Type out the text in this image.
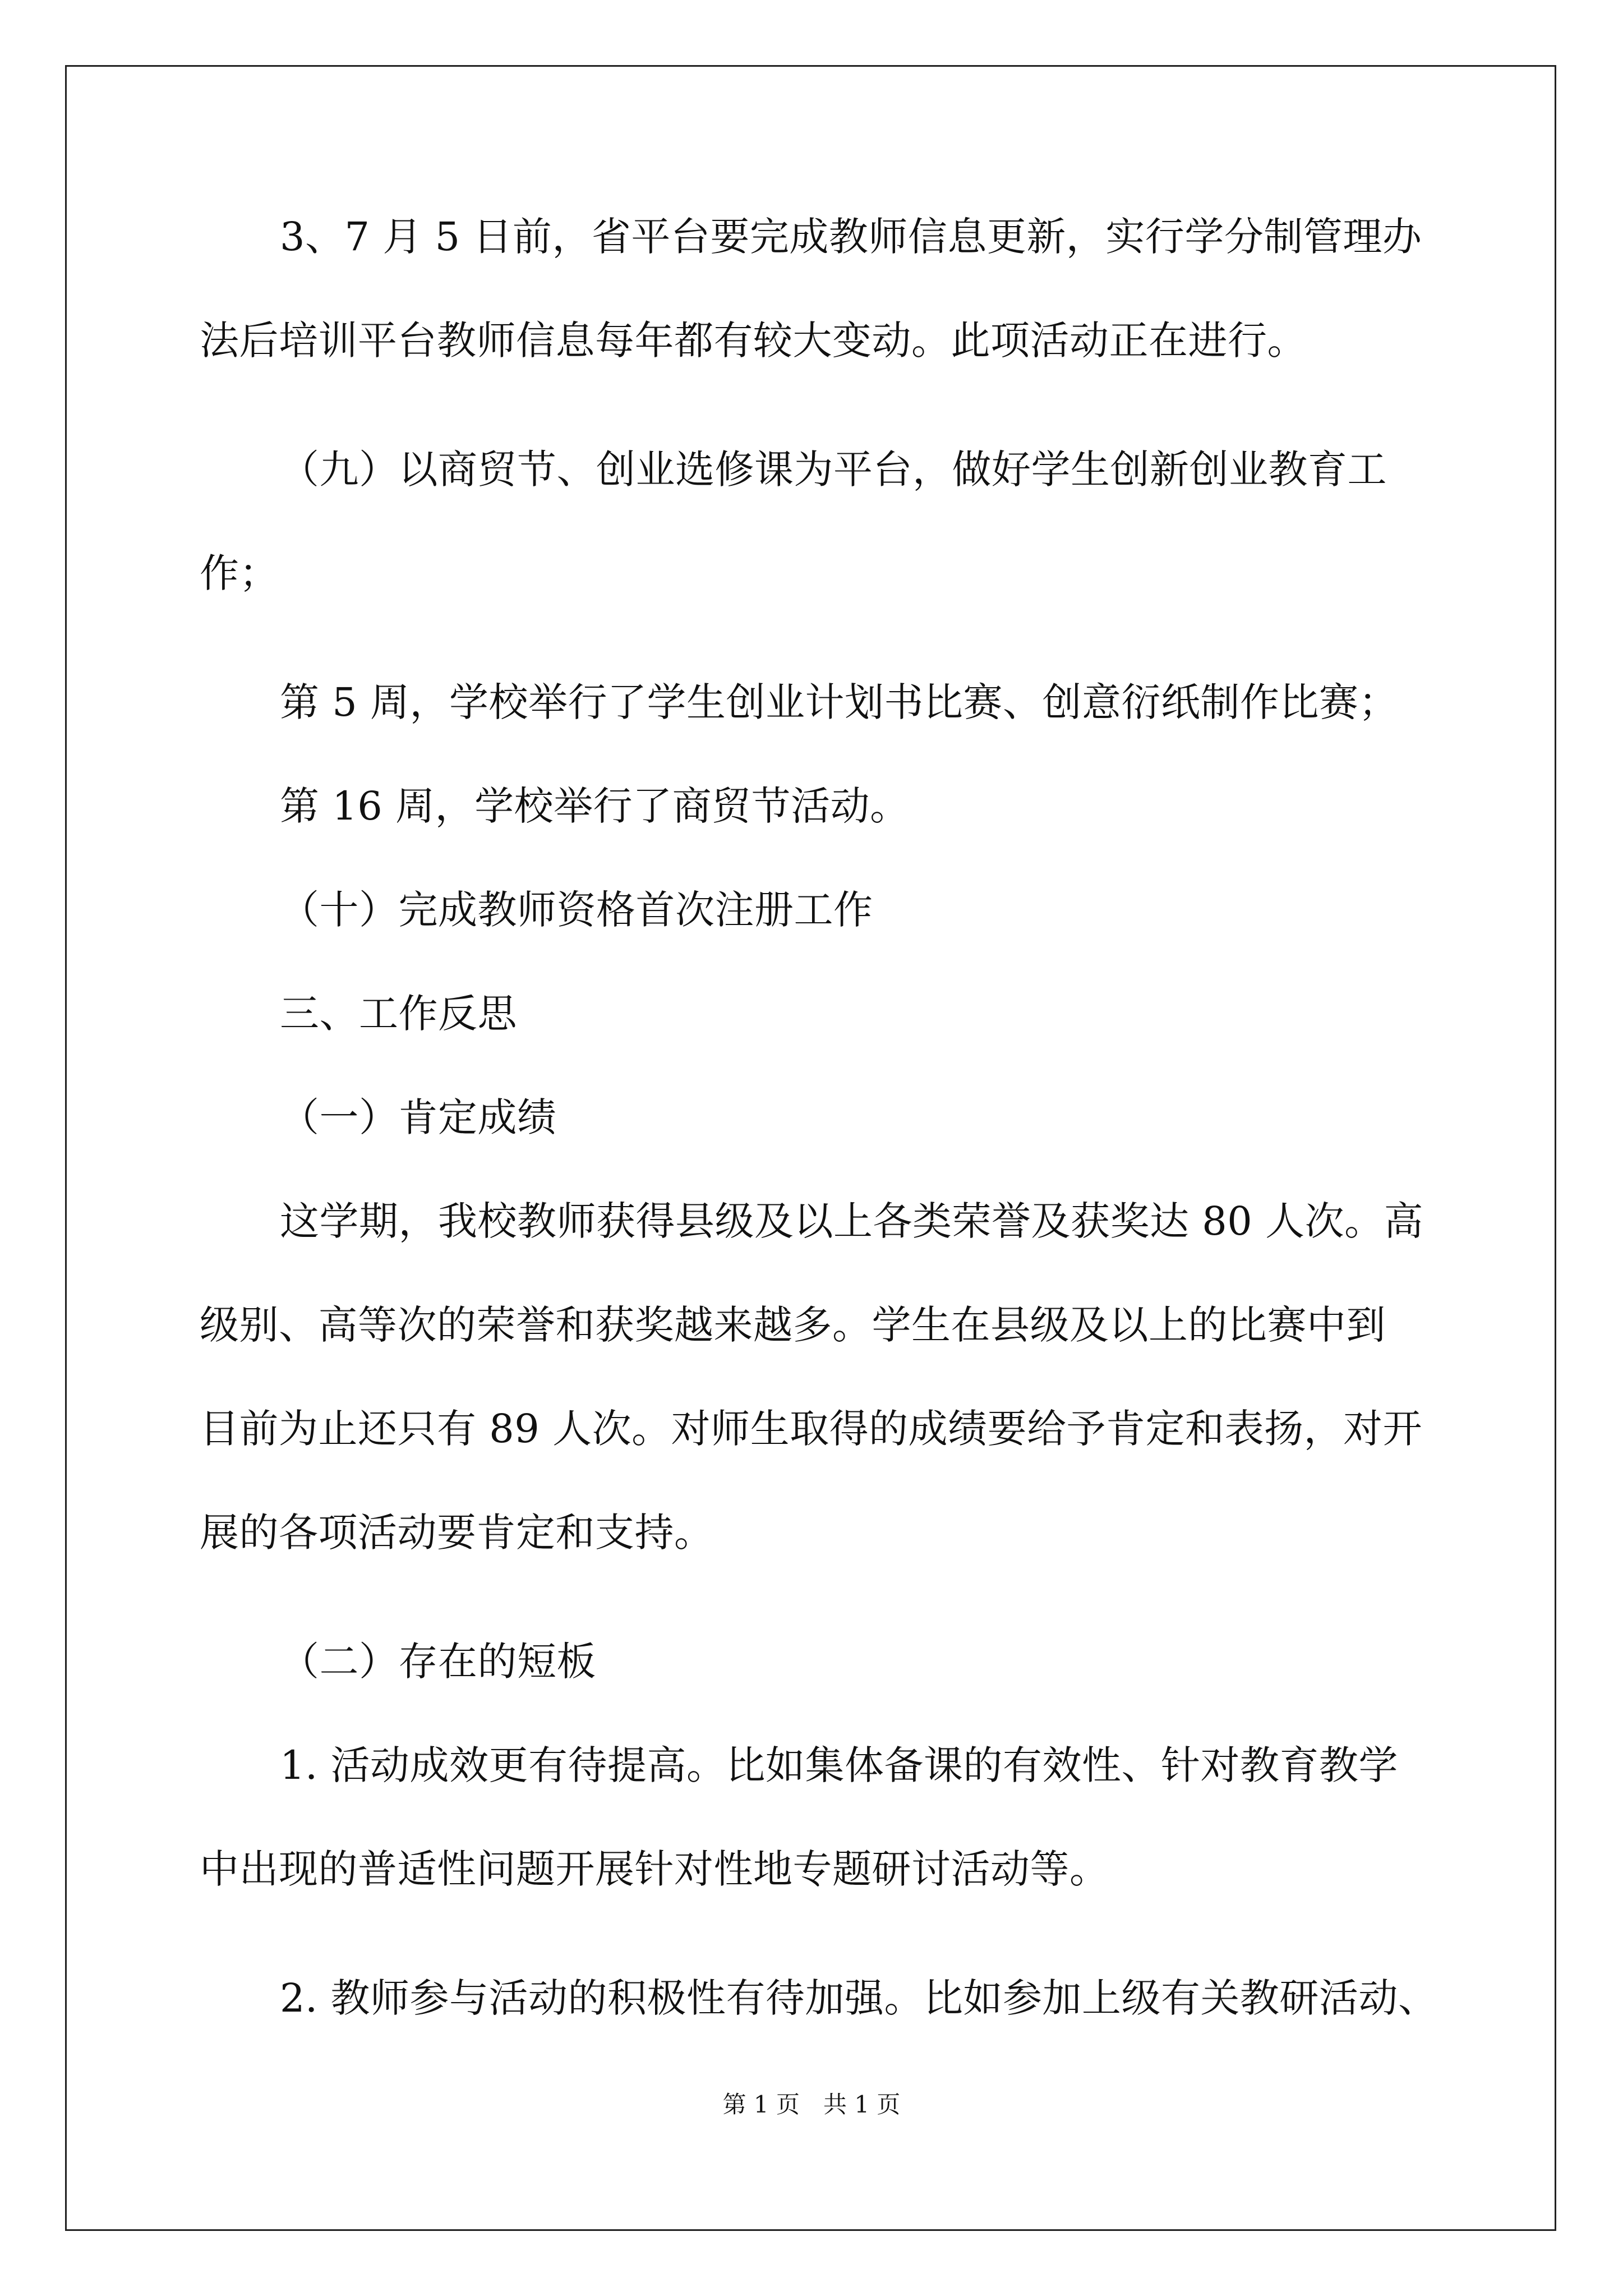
3、7 月 5 日前，省平台要完成教师信息更新，实行学分制管理办
法后培训平台教师信息每年都有较大变动。此项活动正在进行。
（九）以商贸节、创业选修课为平台，做好学生创新创业教育工
作；
第 5 周，学校举行了学生创业计划书比赛、创意衍纸制作比赛；
第 16 周，学校举行了商贸节活动。
（十）完成教师资格首次注册工作
三、工作反思
（一）肯定成绩
这学期，我校教师获得县级及以上各类荣誉及获奖达 80 人次。高
级别、高等次的荣誉和获奖越来越多。学生在县级及以上的比赛中到
目前为止还只有 89 人次。对师生取得的成绩要给予肯定和表扬，对开
展的各项活动要肯定和支持。
（二）存在的短板
1. 活动成效更有待提高。比如集体备课的有效性、针对教育教学
中出现的普适性问题开展针对性地专题研讨活动等。
2. 教师参与活动的积极性有待加强。比如参加上级有关教研活动、
第 1 页　共 1 页
